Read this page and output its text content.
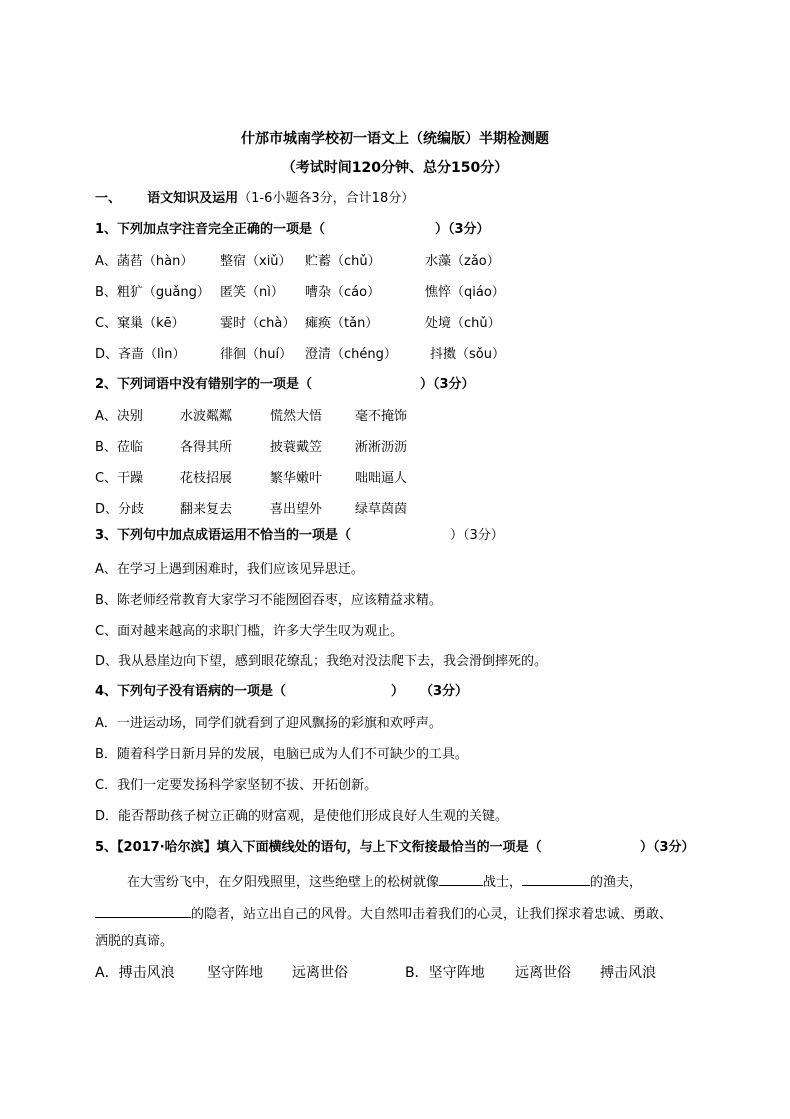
什邡市城南学校初一语文上（统编版）半期检测题
（考试时间120分钟、总分150分）
一、 语文知识及运用（1-6小题各3分，合计18分）
1、下列加点字注音完全正确的一项是（	）（3分）
A、菡萏（hàn） 整宿（xiǔ） 贮蓄（chǔ）	水藻（zǎo）
B、粗犷（guǎng） 匿笑（nì） 嘈杂（cáo）	憔悴（qiáo）
C、窠巢（kē）	霎时（chà） 瘫痪（tǎn）	处境（chǔ）
D、吝啬（lìn）	徘徊（huí） 澄清（chéng）	抖擞（sǒu）
2、下列词语中没有错别字的一项是（	）（3分）
A、决别	水波粼粼	慌然大悟	毫不掩饰
B、莅临	各得其所	披蓑戴笠	淅淅沥沥
C、干躁	花枝招展	繁华嫩叶	咄咄逼人
D、分歧	翻来复去	喜出望外	绿草茵茵
3、下列句中加点成语运用不恰当的一项是（	）（3分）
A、在学习上遇到困难时，我们应该见异思迁。
B、陈老师经常教育大家学习不能囫囵吞枣，应该精益求精。
C、面对越来越高的求职门槛，许多大学生叹为观止。
D、我从悬崖边向下望，感到眼花缭乱；我绝对没法爬下去，我会滑倒摔死的。
4、下列句子没有语病的一项是（	） （3分）
A．一进运动场，同学们就看到了迎风飘扬的彩旗和欢呼声。
B．随着科学日新月异的发展，电脑已成为人们不可缺少的工具。
C．我们一定要发扬科学家坚韧不拔、开拓创新。
D．能否帮助孩子树立正确的财富观，是使他们形成良好人生观的关键。
5、【2017·哈尔滨】填入下面横线处的语句，与上下文衔接最恰当的一项是（	）（3分）
在大雪纷飞中，在夕阳残照里，这些绝壁上的松树就像	战士，	的渔夫，
的隐者，站立出自己的风骨。大自然叩击着我们的心灵，让我们探求着忠诚、勇敢、
洒脱的真谛。
A．搏击风浪 坚守阵地 远离世俗	B．坚守阵地 远离世俗 搏击风浪
